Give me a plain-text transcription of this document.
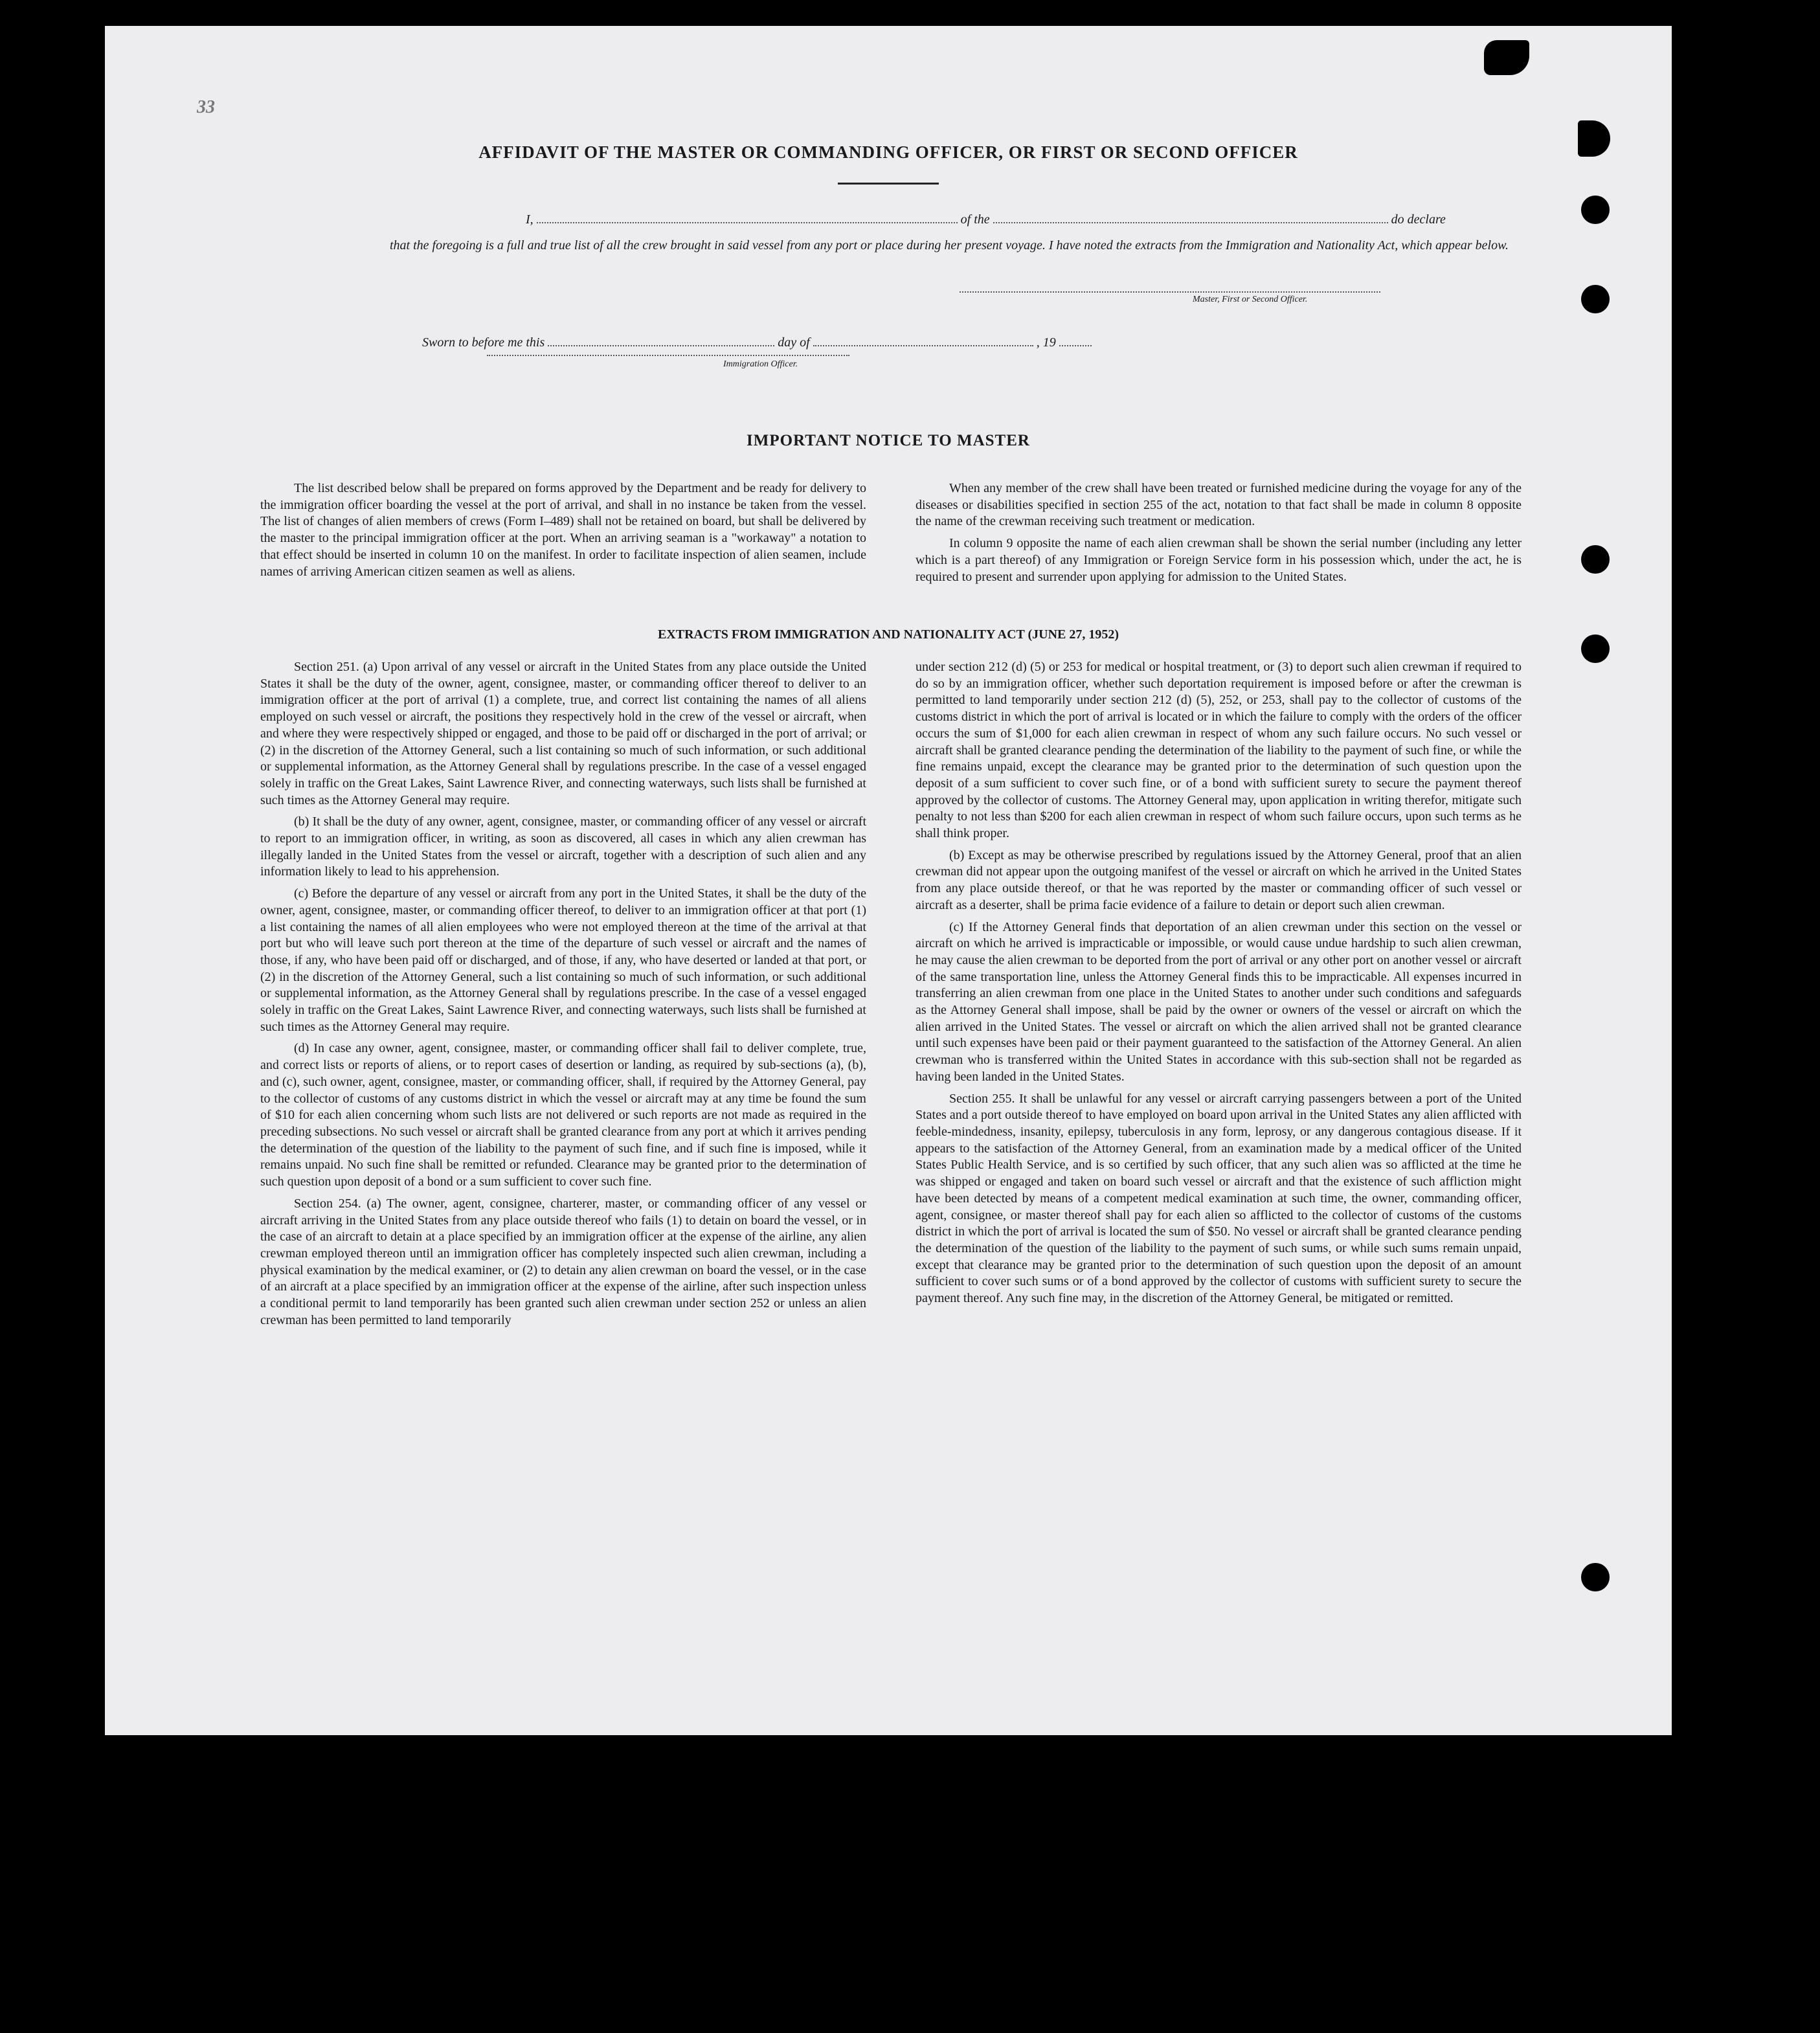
33
AFFIDAVIT OF THE MASTER OR COMMANDING OFFICER, OR FIRST OR SECOND OFFICER
I,	of the	do declare
that the foregoing is a full and true list of all the crew brought in said vessel from any port or place during her present voyage. I have noted the extracts from the Immigration and Nationality Act, which appear below.
Master, First or Second Officer.
Sworn to before me this	day of	, 19
Immigration Officer.
IMPORTANT NOTICE TO MASTER

The list described below shall be prepared on forms approved by the Department and be ready for delivery to the immigration officer boarding the vessel at the port of arrival, and shall in no instance be taken from the vessel. The list of changes of alien members of crews (Form I–489) shall not be retained on board, but shall be delivered by the master to the principal immigration officer at the port. When an arriving seaman is a "workaway" a notation to that effect should be inserted in column 10 on the manifest. In order to facilitate inspection of alien seamen, include names of arriving American citizen seamen as well as aliens.

When any member of the crew shall have been treated or furnished medicine during the voyage for any of the diseases or disabilities specified in section 255 of the act, notation to that fact shall be made in column 8 opposite the name of the crewman receiving such treatment or medication.

In column 9 opposite the name of each alien crewman shall be shown the serial number (including any letter which is a part thereof) of any Immigration or Foreign Service form in his possession which, under the act, he is required to present and surrender upon applying for admission to the United States.

EXTRACTS FROM IMMIGRATION AND NATIONALITY ACT (JUNE 27, 1952)

Section 251. (a) Upon arrival of any vessel or aircraft in the United States from any place outside the United States it shall be the duty of the owner, agent, consignee, master, or commanding officer thereof to deliver to an immigration officer at the port of arrival (1) a complete, true, and correct list containing the names of all aliens employed on such vessel or aircraft, the positions they respectively hold in the crew of the vessel or aircraft, when and where they were respectively shipped or engaged, and those to be paid off or discharged in the port of arrival; or (2) in the discretion of the Attorney General, such a list containing so much of such information, or such additional or supplemental information, as the Attorney General shall by regulations prescribe. In the case of a vessel engaged solely in traffic on the Great Lakes, Saint Lawrence River, and connecting waterways, such lists shall be furnished at such times as the Attorney General may require.

(b) It shall be the duty of any owner, agent, consignee, master, or commanding officer of any vessel or aircraft to report to an immigration officer, in writing, as soon as discovered, all cases in which any alien crewman has illegally landed in the United States from the vessel or aircraft, together with a description of such alien and any information likely to lead to his apprehension.

(c) Before the departure of any vessel or aircraft from any port in the United States, it shall be the duty of the owner, agent, consignee, master, or commanding officer thereof, to deliver to an immigration officer at that port (1) a list containing the names of all alien employees who were not employed thereon at the time of the arrival at that port but who will leave such port thereon at the time of the departure of such vessel or aircraft and the names of those, if any, who have been paid off or discharged, and of those, if any, who have deserted or landed at that port, or (2) in the discretion of the Attorney General, such a list containing so much of such information, or such additional or supplemental information, as the Attorney General shall by regulations prescribe. In the case of a vessel engaged solely in traffic on the Great Lakes, Saint Lawrence River, and connecting waterways, such lists shall be furnished at such times as the Attorney General may require.

(d) In case any owner, agent, consignee, master, or commanding officer shall fail to deliver complete, true, and correct lists or reports of aliens, or to report cases of desertion or landing, as required by sub-sections (a), (b), and (c), such owner, agent, consignee, master, or commanding officer, shall, if required by the Attorney General, pay to the collector of customs of any customs district in which the vessel or aircraft may at any time be found the sum of $10 for each alien concerning whom such lists are not delivered or such reports are not made as required in the preceding subsections. No such vessel or aircraft shall be granted clearance from any port at which it arrives pending the determination of the question of the liability to the payment of such fine, and if such fine is imposed, while it remains unpaid. No such fine shall be remitted or refunded. Clearance may be granted prior to the determination of such question upon deposit of a bond or a sum sufficient to cover such fine.

Section 254. (a) The owner, agent, consignee, charterer, master, or commanding officer of any vessel or aircraft arriving in the United States from any place outside thereof who fails (1) to detain on board the vessel, or in the case of an aircraft to detain at a place specified by an immigration officer at the expense of the airline, any alien crewman employed thereon until an immigration officer has completely inspected such alien crewman, including a physical examination by the medical examiner, or (2) to detain any alien crewman on board the vessel, or in the case of an aircraft at a place specified by an immigration officer at the expense of the airline, after such inspection unless a conditional permit to land temporarily has been granted such alien crewman under section 252 or unless an alien crewman has been permitted to land temporarily

under section 212 (d) (5) or 253 for medical or hospital treatment, or (3) to deport such alien crewman if required to do so by an immigration officer, whether such deportation requirement is imposed before or after the crewman is permitted to land temporarily under section 212 (d) (5), 252, or 253, shall pay to the collector of customs of the customs district in which the port of arrival is located or in which the failure to comply with the orders of the officer occurs the sum of $1,000 for each alien crewman in respect of whom any such failure occurs. No such vessel or aircraft shall be granted clearance pending the determination of the liability to the payment of such fine, or while the fine remains unpaid, except the clearance may be granted prior to the determination of such question upon the deposit of a sum sufficient to cover such fine, or of a bond with sufficient surety to secure the payment thereof approved by the collector of customs. The Attorney General may, upon application in writing therefor, mitigate such penalty to not less than $200 for each alien crewman in respect of whom such failure occurs, upon such terms as he shall think proper.

(b) Except as may be otherwise prescribed by regulations issued by the Attorney General, proof that an alien crewman did not appear upon the outgoing manifest of the vessel or aircraft on which he arrived in the United States from any place outside thereof, or that he was reported by the master or commanding officer of such vessel or aircraft as a deserter, shall be prima facie evidence of a failure to detain or deport such alien crewman.

(c) If the Attorney General finds that deportation of an alien crewman under this section on the vessel or aircraft on which he arrived is impracticable or impossible, or would cause undue hardship to such alien crewman, he may cause the alien crewman to be deported from the port of arrival or any other port on another vessel or aircraft of the same transportation line, unless the Attorney General finds this to be impracticable. All expenses incurred in transferring an alien crewman from one place in the United States to another under such conditions and safeguards as the Attorney General shall impose, shall be paid by the owner or owners of the vessel or aircraft on which the alien arrived in the United States. The vessel or aircraft on which the alien arrived shall not be granted clearance until such expenses have been paid or their payment guaranteed to the satisfaction of the Attorney General. An alien crewman who is transferred within the United States in accordance with this sub-section shall not be regarded as having been landed in the United States.

Section 255. It shall be unlawful for any vessel or aircraft carrying passengers between a port of the United States and a port outside thereof to have employed on board upon arrival in the United States any alien afflicted with feeble-mindedness, insanity, epilepsy, tuberculosis in any form, leprosy, or any dangerous contagious disease. If it appears to the satisfaction of the Attorney General, from an examination made by a medical officer of the United States Public Health Service, and is so certified by such officer, that any such alien was so afflicted at the time he was shipped or engaged and taken on board such vessel or aircraft and that the existence of such affliction might have been detected by means of a competent medical examination at such time, the owner, commanding officer, agent, consignee, or master thereof shall pay for each alien so afflicted to the collector of customs of the customs district in which the port of arrival is located the sum of $50. No vessel or aircraft shall be granted clearance pending the determination of the question of the liability to the payment of such sums, or while such sums remain unpaid, except that clearance may be granted prior to the determination of such question upon the deposit of an amount sufficient to cover such sums or of a bond approved by the collector of customs with sufficient surety to secure the payment thereof. Any such fine may, in the discretion of the Attorney General, be mitigated or remitted.
